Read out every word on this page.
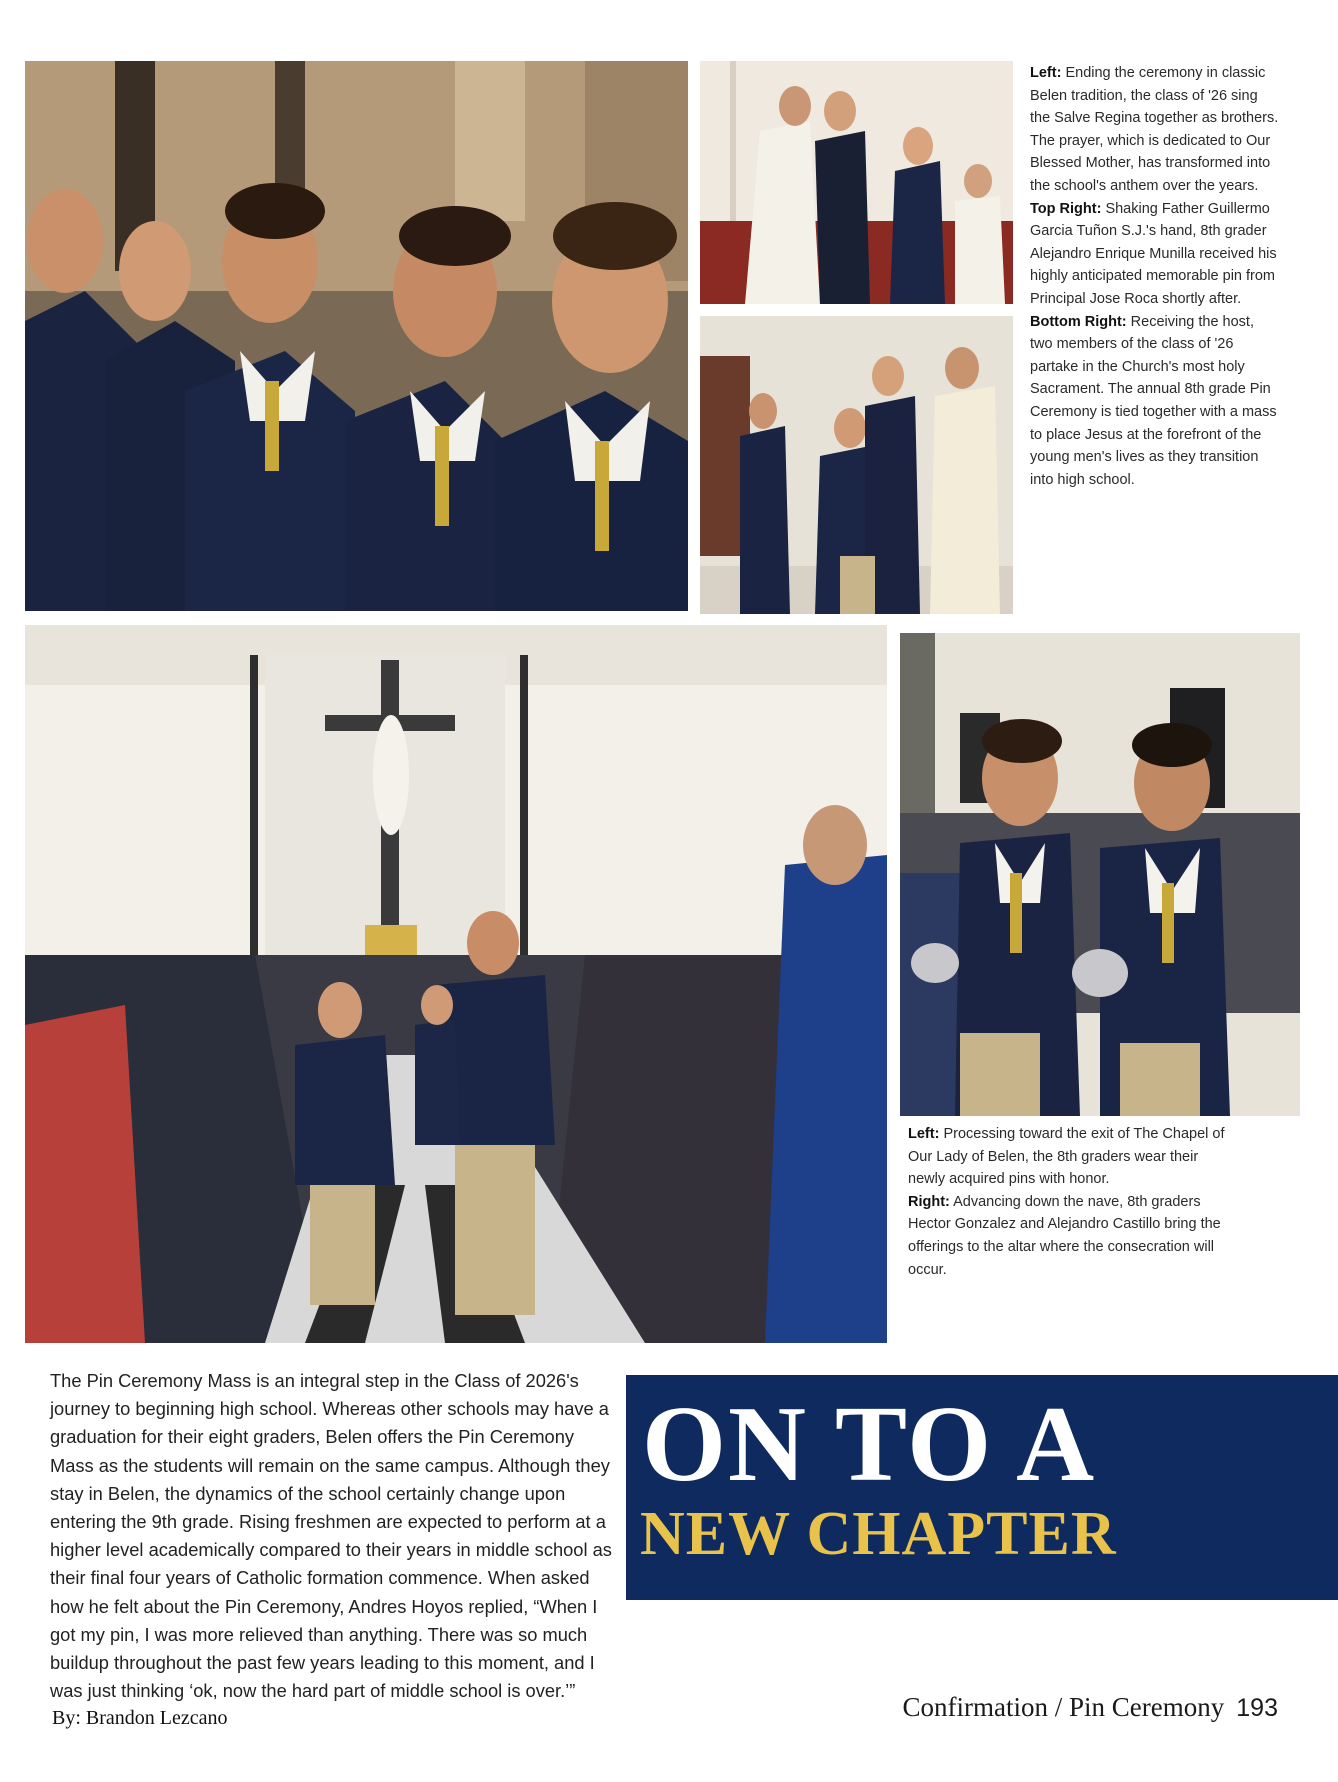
Left: Ending the ceremony in classic Belen tradition, the class of '26 sing the Salve Regina together as brothers. The prayer, which is dedicated to Our Blessed Mother, has transformed into the school's anthem over the years.

Top Right: Shaking Father Guillermo Garcia Tuñon S.J.'s hand, 8th grader Alejandro Enrique Munilla received his highly anticipated memorable pin from Principal Jose Roca shortly after.

Bottom Right: Receiving the host, two members of the class of '26 partake in the Church's most holy Sacrament. The annual 8th grade Pin Ceremony is tied together with a mass to place Jesus at the forefront of the young men's lives as they transition into high school.

Left: Processing toward the exit of The Chapel of Our Lady of Belen, the 8th graders wear their newly acquired pins with honor.

Right: Advancing down the nave, 8th graders Hector Gonzalez and Alejandro Castillo bring the offerings to the altar where the consecration will occur.

The Pin Ceremony Mass is an integral step in the Class of 2026's journey to beginning high school. Whereas other schools may have a graduation for their eight graders, Belen offers the Pin Ceremony Mass as the students will remain on the same campus. Although they stay in Belen, the dynamics of the school certainly change upon entering the 9th grade. Rising freshmen are expected to perform at a higher level academically compared to their years in middle school as their final four years of Catholic formation commence. When asked how he felt about the Pin Ceremony, Andres Hoyos replied, “When I got my pin, I was more relieved than anything. There was so much buildup throughout the past few years leading to this moment, and I was just thinking ‘ok, now the hard part of middle school is over.’”
By: Brandon Lezcano
ON TO A
NEW CHAPTER
Confirmation / Pin Ceremony 193
